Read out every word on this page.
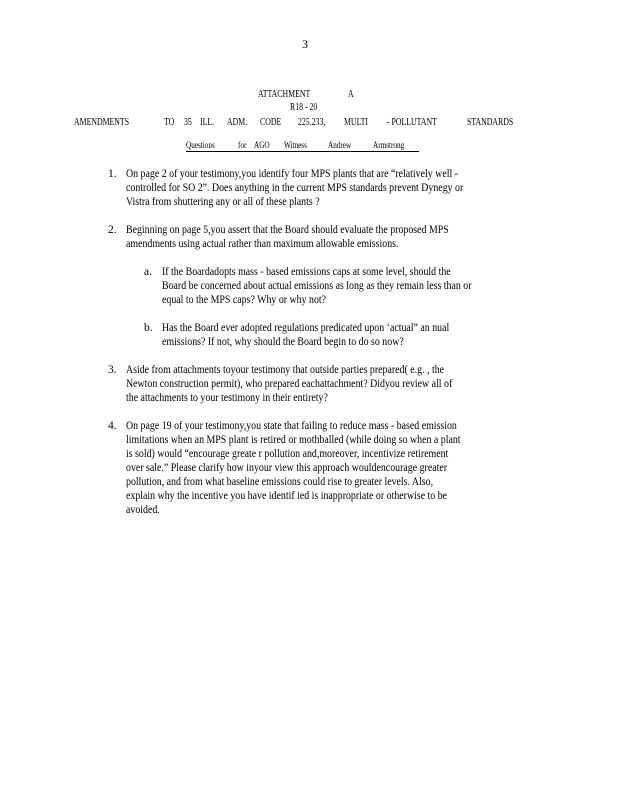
3
ATTACHMENT	A
R18 - 20
AMENDMENTS	TO 35 ILL. ADM. CODE 225.233, MULTI - POLLUTANT	STANDARDS
Questions	for AGO Witness Andrew Armstrong
1. On page 2 of your testimony,you identify four MPS plants that are “relatively well -
controlled for SO 2”. Does anything in the current MPS standards prevent Dynegy or
Vistra from shuttering any or all of these plants ?
2. Beginning on page 5,you assert that the Board should evaluate the proposed MPS
amendments using actual rather than maximum allowable emissions.
a. If the Boardadopts mass - based emissions caps at some level, should the
Board be concerned about actual emissions as long as they remain less than or
equal to the MPS caps? Why or why not?
b. Has the Board ever adopted regulations predicated upon ‘actual” an nual
emissions? If not, why should the Board begin to do so now?
3. Aside from attachments toyour testimony that outside parties prepared( e.g. , the
Newton construction permit), who prepared eachattachment? Didyou review all of
the attachments to your testimony in their entirety?
4. On page 19 of your testimony,you state that failing to reduce mass - based emission
limitations when an MPS plant is retired or mothballed (while doing so when a plant
is sold) would “encourage greate r pollution and,moreover, incentivize retirement
over sale.” Please clarify how inyour view this approach wouldencourage greater
pollution, and from what baseline emissions could rise to greater levels. Also,
explain why the incentive you have identif ied is inappropriate or otherwise to be
avoided.
